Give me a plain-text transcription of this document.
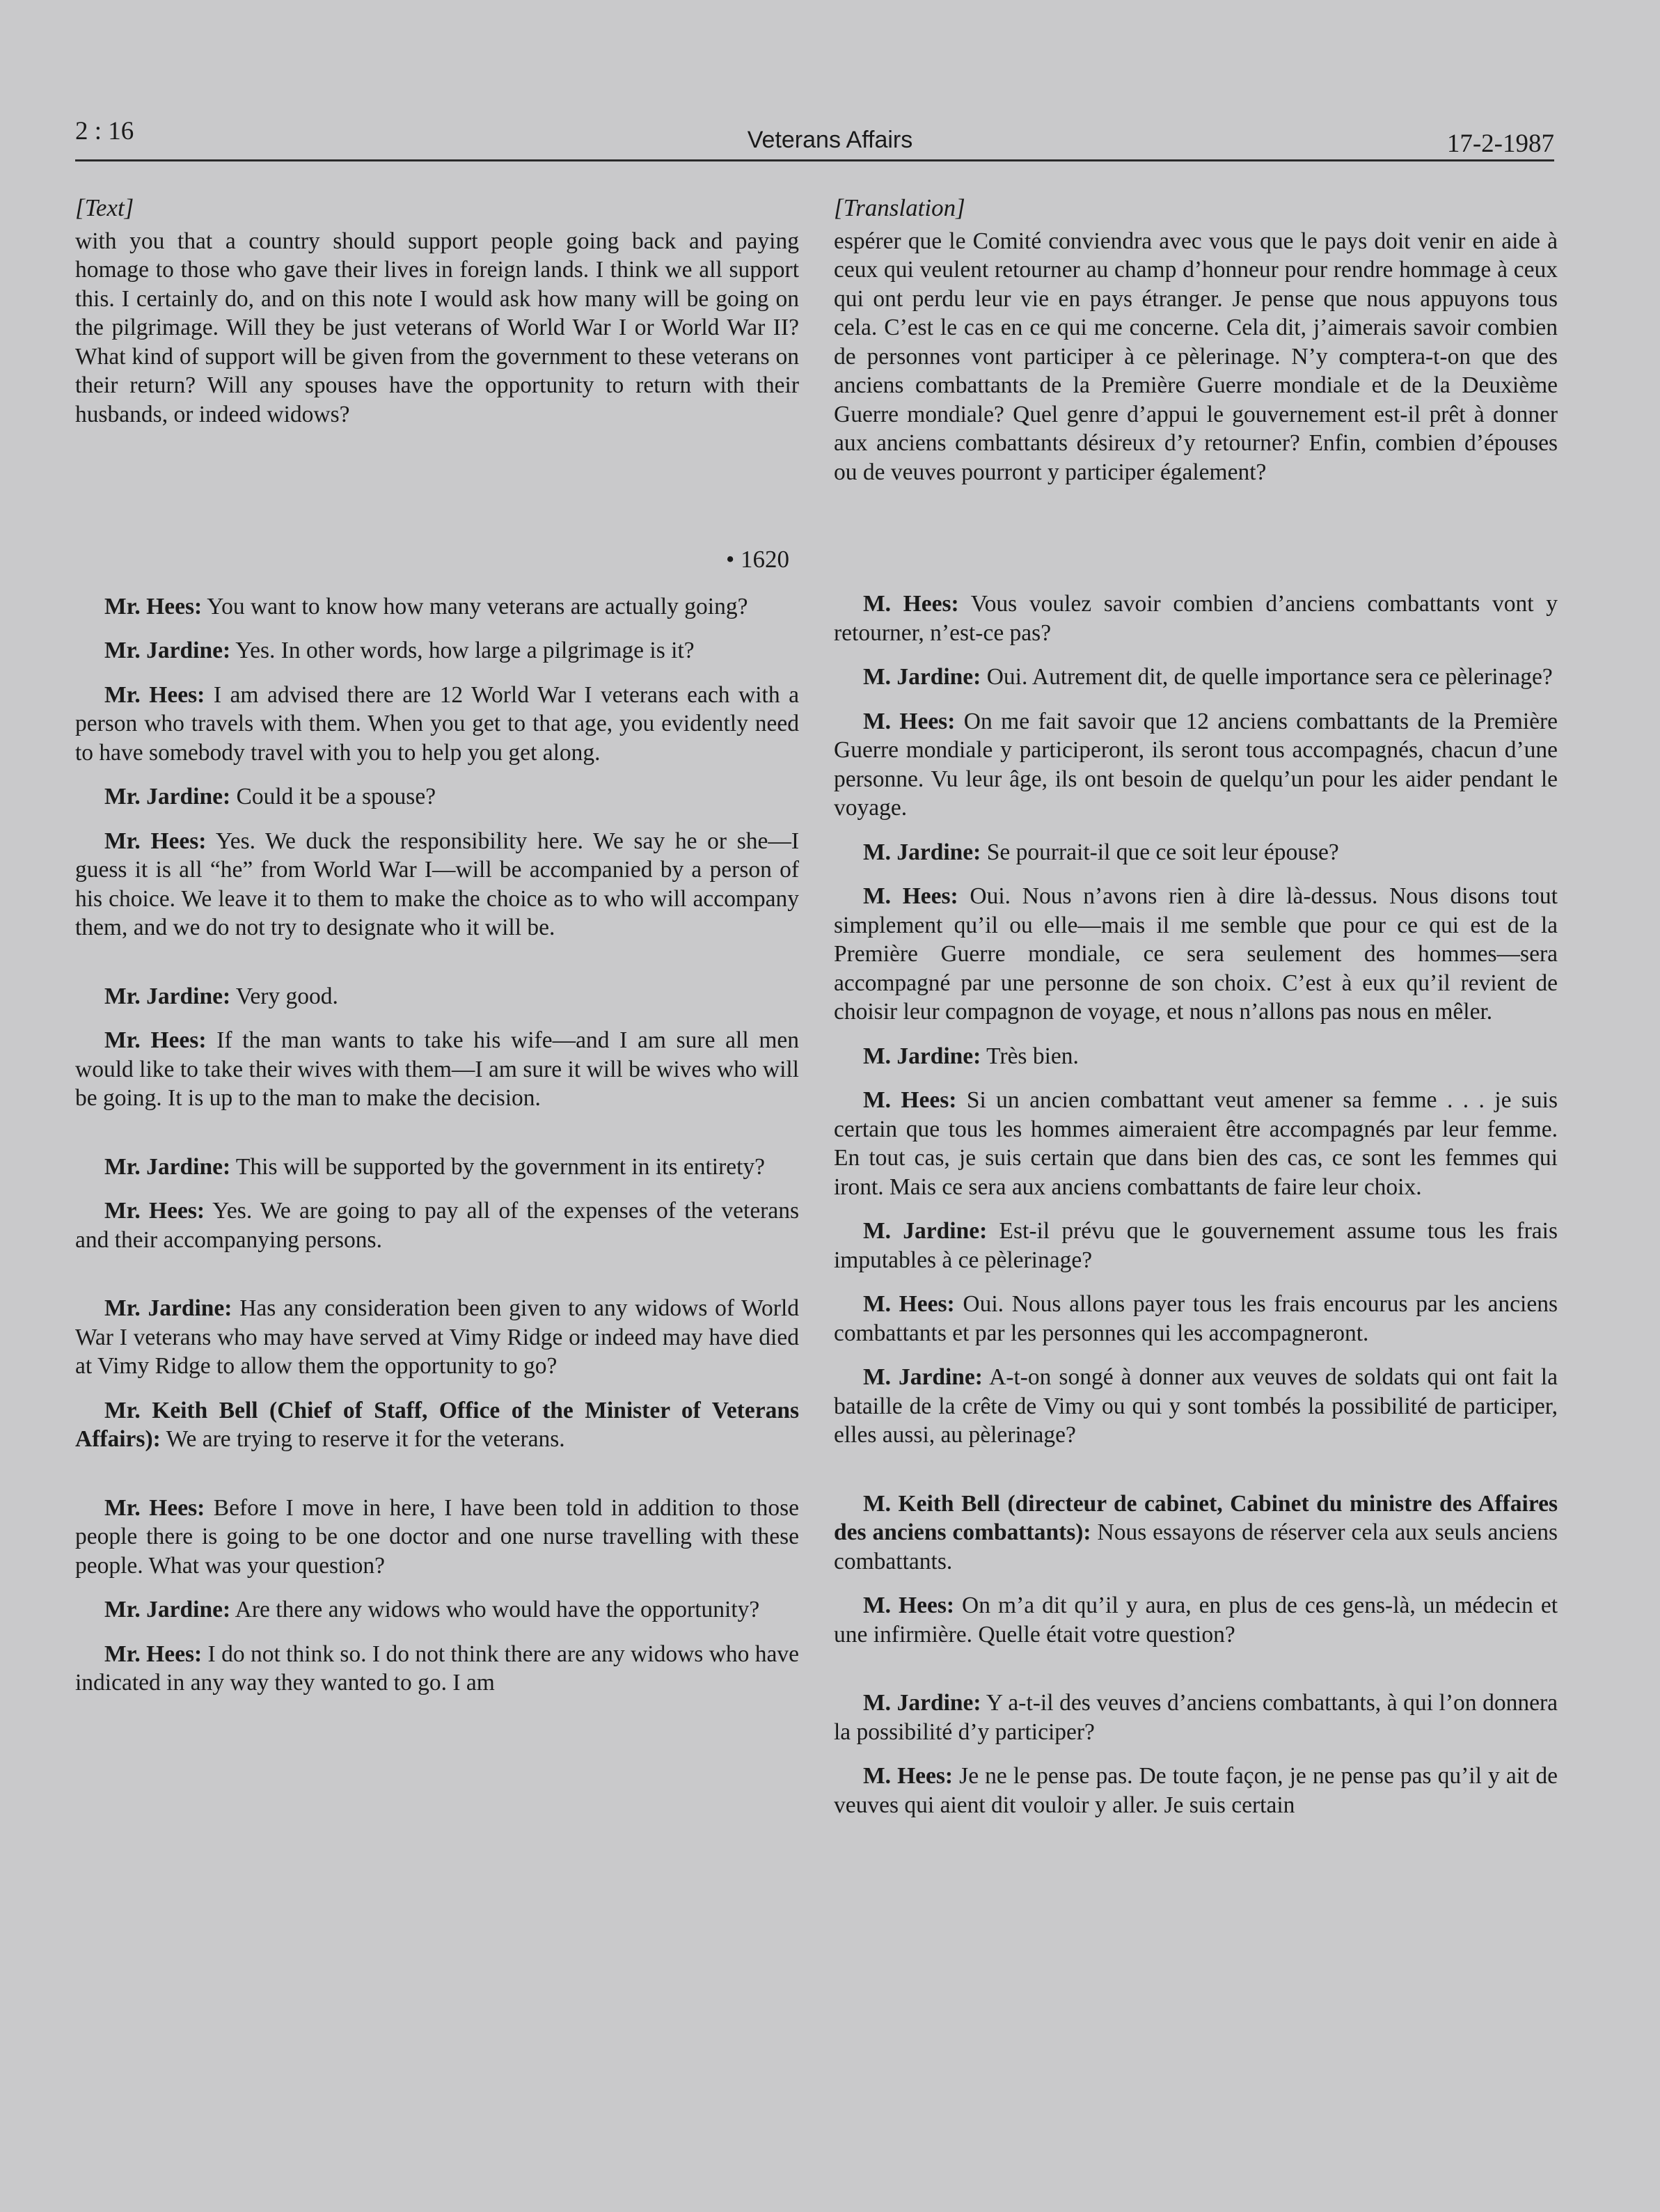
2 : 16	Veterans Affairs	17-2-1987
[Text]

with you that a country should support people going back and paying homage to those who gave their lives in foreign lands. I think we all support this. I certainly do, and on this note I would ask how many will be going on the pilgrimage. Will they be just veterans of World War I or World War II? What kind of support will be given from the government to these veterans on their return? Will any spouses have the opportunity to return with their husbands, or indeed widows?

• 1620

Mr. Hees: You want to know how many veterans are actually going?

Mr. Jardine: Yes. In other words, how large a pilgrimage is it?

Mr. Hees: I am advised there are 12 World War I veterans each with a person who travels with them. When you get to that age, you evidently need to have somebody travel with you to help you get along.

Mr. Jardine: Could it be a spouse?

Mr. Hees: Yes. We duck the responsibility here. We say he or she—I guess it is all “he” from World War I—will be accompanied by a person of his choice. We leave it to them to make the choice as to who will accompany them, and we do not try to designate who it will be.

Mr. Jardine: Very good.

Mr. Hees: If the man wants to take his wife—and I am sure all men would like to take their wives with them—I am sure it will be wives who will be going. It is up to the man to make the decision.

Mr. Jardine: This will be supported by the government in its entirety?

Mr. Hees: Yes. We are going to pay all of the expenses of the veterans and their accompanying persons.

Mr. Jardine: Has any consideration been given to any widows of World War I veterans who may have served at Vimy Ridge or indeed may have died at Vimy Ridge to allow them the opportunity to go?

Mr. Keith Bell (Chief of Staff, Office of the Minister of Veterans Affairs): We are trying to reserve it for the veterans.

Mr. Hees: Before I move in here, I have been told in addition to those people there is going to be one doctor and one nurse travelling with these people. What was your question?

Mr. Jardine: Are there any widows who would have the opportunity?

Mr. Hees: I do not think so. I do not think there are any widows who have indicated in any way they wanted to go. I am

[Translation]

espérer que le Comité conviendra avec vous que le pays doit venir en aide à ceux qui veulent retourner au champ d’honneur pour rendre hommage à ceux qui ont perdu leur vie en pays étranger. Je pense que nous appuyons tous cela. C’est le cas en ce qui me concerne. Cela dit, j’aimerais savoir combien de personnes vont participer à ce pèlerinage. N’y comptera-t-on que des anciens combattants de la Première Guerre mondiale et de la Deuxième Guerre mondiale? Quel genre d’appui le gouvernement est-il prêt à donner aux anciens combattants désireux d’y retourner? Enfin, combien d’épouses ou de veuves pourront y participer également?

M. Hees: Vous voulez savoir combien d’anciens combattants vont y retourner, n’est-ce pas?

M. Jardine: Oui. Autrement dit, de quelle importance sera ce pèlerinage?

M. Hees: On me fait savoir que 12 anciens combattants de la Première Guerre mondiale y participeront, ils seront tous accompagnés, chacun d’une personne. Vu leur âge, ils ont besoin de quelqu’un pour les aider pendant le voyage.

M. Jardine: Se pourrait-il que ce soit leur épouse?

M. Hees: Oui. Nous n’avons rien à dire là-dessus. Nous disons tout simplement qu’il ou elle—mais il me semble que pour ce qui est de la Première Guerre mondiale, ce sera seulement des hommes—sera accompagné par une personne de son choix. C’est à eux qu’il revient de choisir leur compagnon de voyage, et nous n’allons pas nous en mêler.

M. Jardine: Très bien.

M. Hees: Si un ancien combattant veut amener sa femme . . . je suis certain que tous les hommes aimeraient être accompagnés par leur femme. En tout cas, je suis certain que dans bien des cas, ce sont les femmes qui iront. Mais ce sera aux anciens combattants de faire leur choix.

M. Jardine: Est-il prévu que le gouvernement assume tous les frais imputables à ce pèlerinage?

M. Hees: Oui. Nous allons payer tous les frais encourus par les anciens combattants et par les personnes qui les accompagneront.

M. Jardine: A-t-on songé à donner aux veuves de soldats qui ont fait la bataille de la crête de Vimy ou qui y sont tombés la possibilité de participer, elles aussi, au pèlerinage?

M. Keith Bell (directeur de cabinet, Cabinet du ministre des Affaires des anciens combattants): Nous essayons de réserver cela aux seuls anciens combattants.

M. Hees: On m’a dit qu’il y aura, en plus de ces gens-là, un médecin et une infirmière. Quelle était votre question?

M. Jardine: Y a-t-il des veuves d’anciens combattants, à qui l’on donnera la possibilité d’y participer?

M. Hees: Je ne le pense pas. De toute façon, je ne pense pas qu’il y ait de veuves qui aient dit vouloir y aller. Je suis certain
